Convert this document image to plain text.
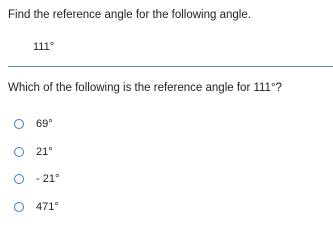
Find the reference angle for the following angle.
111°
Which of the following is the reference angle for 111°?
69°
21°
- 21°
471°
